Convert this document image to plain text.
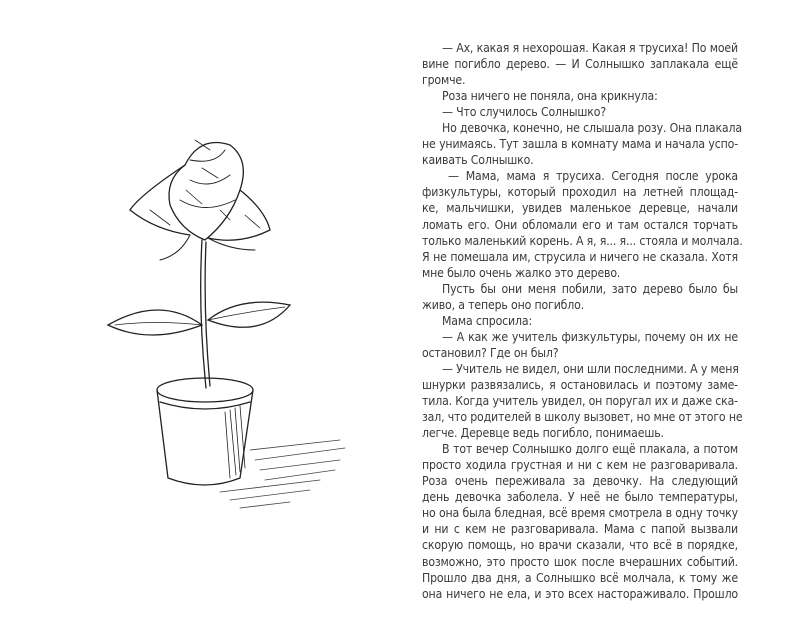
— Ах, какая я нехорошая. Какая я трусиха! По моей
вине погибло дерево. — И Солнышко заплакала ещё
громче.
Роза ничего не поняла, она крикнула:
— Что случилось Солнышко?
Но девочка, конечно, не слышала розу. Она плакала
не унимаясь. Тут зашла в комнату мама и начала успо-
каивать Солнышко.
— Мама, мама я трусиха. Сегодня после урока
физкультуры, который проходил на летней площад-
ке, мальчишки, увидев маленькое деревце, начали
ломать его. Они обломали его и там остался торчать
только маленький корень. А я, я... я... стояла и молчала.
Я не помешала им, струсила и ничего не сказала. Хотя
мне было очень жалко это дерево.
Пусть бы они меня побили, зато дерево было бы
живо, а теперь оно погибло.
Мама спросила:
— А как же учитель физкультуры, почему он их не
остановил? Где он был?
— Учитель не видел, они шли последними. А у меня
шнурки развязались, я остановилась и поэтому заме-
тила. Когда учитель увидел, он поругал их и даже ска-
зал, что родителей в школу вызовет, но мне от этого не
легче. Деревце ведь погибло, понимаешь.
В тот вечер Солнышко долго ещё плакала, а потом
просто ходила грустная и ни с кем не разговаривала.
Роза очень переживала за девочку. На следующий
день девочка заболела. У неё не было температуры,
но она была бледная, всё время смотрела в одну точку
и ни с кем не разговаривала. Мама с папой вызвали
скорую помощь, но врачи сказали, что всё в порядке,
возможно, это просто шок после вчерашних событий.
Прошло два дня, а Солнышко всё молчала, к тому же
она ничего не ела, и это всех настораживало. Прошло
